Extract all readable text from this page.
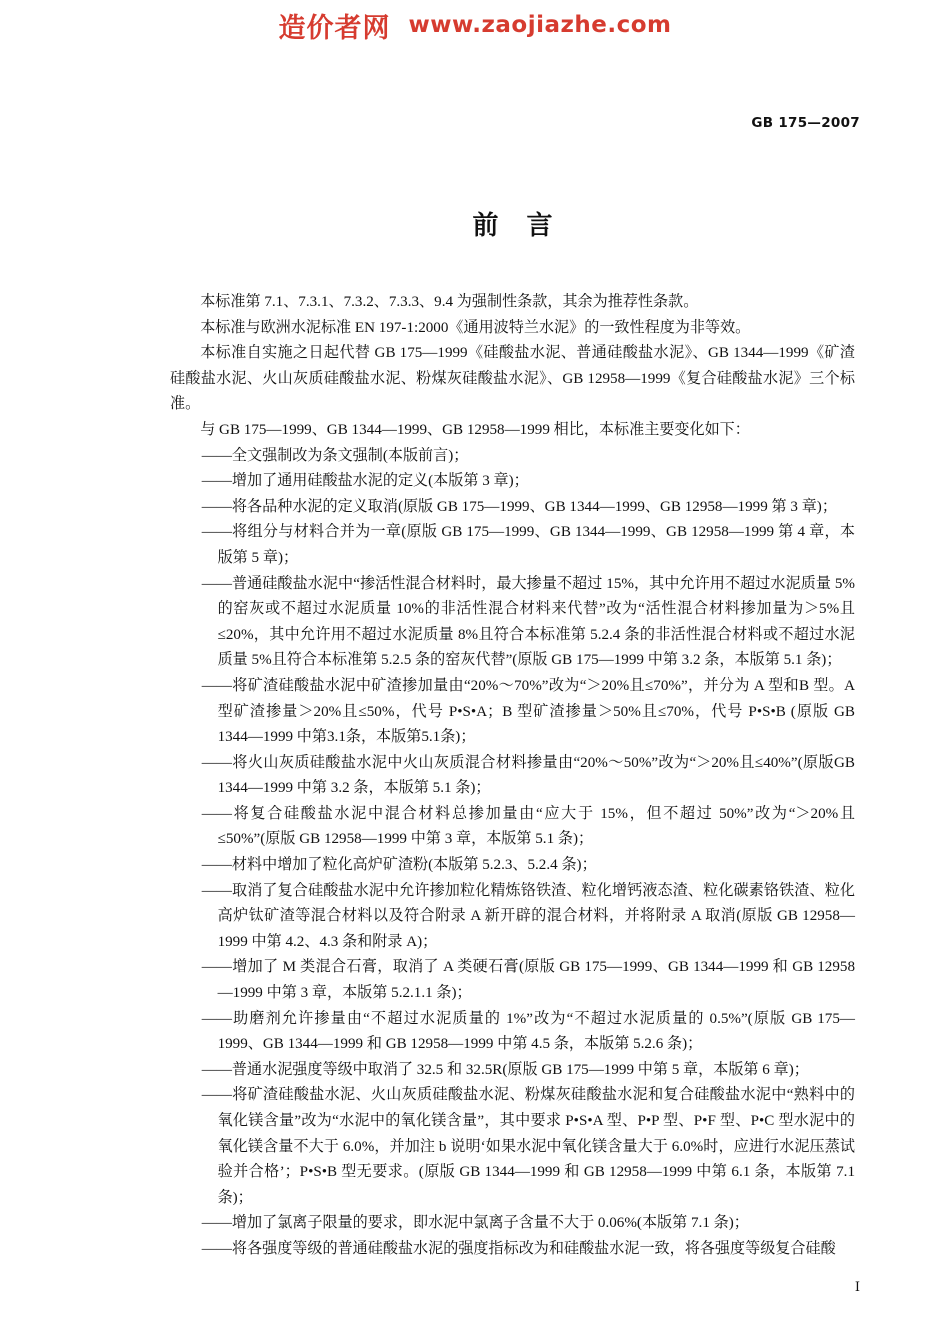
造价者网 www.zaojiazhe.com
GB 175—2007
前言

本标准第 7.1、7.3.1、7.3.2、7.3.3、9.4 为强制性条款，其余为推荐性条款。

本标准与欧洲水泥标准 EN 197-1:2000《通用波特兰水泥》的一致性程度为非等效。

本标准自实施之日起代替 GB 175—1999《硅酸盐水泥、普通硅酸盐水泥》、GB 1344—1999《矿渣硅酸盐水泥、火山灰质硅酸盐水泥、粉煤灰硅酸盐水泥》、GB 12958—1999《复合硅酸盐水泥》三个标准。

与 GB 175—1999、GB 1344—1999、GB 12958—1999 相比，本标准主要变化如下：

——全文强制改为条文强制(本版前言)；

——增加了通用硅酸盐水泥的定义(本版第 3 章)；

——将各品种水泥的定义取消(原版 GB 175—1999、GB 1344—1999、GB 12958—1999 第 3 章)；

——将组分与材料合并为一章(原版 GB 175—1999、GB 1344—1999、GB 12958—1999 第 4 章，本版第 5 章)；

——普通硅酸盐水泥中“掺活性混合材料时，最大掺量不超过 15%，其中允许用不超过水泥质量 5%的窑灰或不超过水泥质量 10%的非活性混合材料来代替”改为“活性混合材料掺加量为＞5%且≤20%，其中允许用不超过水泥质量 8%且符合本标准第 5.2.4 条的非活性混合材料或不超过水泥质量 5%且符合本标准第 5.2.5 条的窑灰代替”(原版 GB 175—1999 中第 3.2 条，本版第 5.1 条)；

——将矿渣硅酸盐水泥中矿渣掺加量由“20%～70%”改为“＞20%且≤70%”，并分为 A 型和B 型。A 型矿渣掺量＞20%且≤50%，代号 P•S•A；B 型矿渣掺量＞50%且≤70%，代号 P•S•B (原版 GB 1344—1999 中第3.1条，本版第5.1条)；

——将火山灰质硅酸盐水泥中火山灰质混合材料掺量由“20%～50%”改为“＞20%且≤40%”(原版GB 1344—1999 中第 3.2 条，本版第 5.1 条)；

——将复合硅酸盐水泥中混合材料总掺加量由“应大于 15%，但不超过 50%”改为“＞20%且≤50%”(原版 GB 12958—1999 中第 3 章，本版第 5.1 条)；

——材料中增加了粒化高炉矿渣粉(本版第 5.2.3、5.2.4 条)；

——取消了复合硅酸盐水泥中允许掺加粒化精炼铬铁渣、粒化增钙液态渣、粒化碳素铬铁渣、粒化高炉钛矿渣等混合材料以及符合附录 A 新开辟的混合材料，并将附录 A 取消(原版 GB 12958—1999 中第 4.2、4.3 条和附录 A)；

——增加了 M 类混合石膏，取消了 A 类硬石膏(原版 GB 175—1999、GB 1344—1999 和 GB 12958—1999 中第 3 章，本版第 5.2.1.1 条)；

——助磨剂允许掺量由“不超过水泥质量的 1%”改为“不超过水泥质量的 0.5%”(原版 GB 175—1999、GB 1344—1999 和 GB 12958—1999 中第 4.5 条，本版第 5.2.6 条)；

——普通水泥强度等级中取消了 32.5 和 32.5R(原版 GB 175—1999 中第 5 章，本版第 6 章)；

——将矿渣硅酸盐水泥、火山灰质硅酸盐水泥、粉煤灰硅酸盐水泥和复合硅酸盐水泥中“熟料中的氧化镁含量”改为“水泥中的氧化镁含量”，其中要求 P•S•A 型、P•P 型、P•F 型、P•C 型水泥中的氧化镁含量不大于 6.0%，并加注 b 说明‘如果水泥中氧化镁含量大于 6.0%时，应进行水泥压蒸试验并合格’；P•S•B 型无要求。(原版 GB 1344—1999 和 GB 12958—1999 中第 6.1 条，本版第 7.1 条)；

——增加了氯离子限量的要求，即水泥中氯离子含量不大于 0.06%(本版第 7.1 条)；

——将各强度等级的普通硅酸盐水泥的强度指标改为和硅酸盐水泥一致，将各强度等级复合硅酸

I
